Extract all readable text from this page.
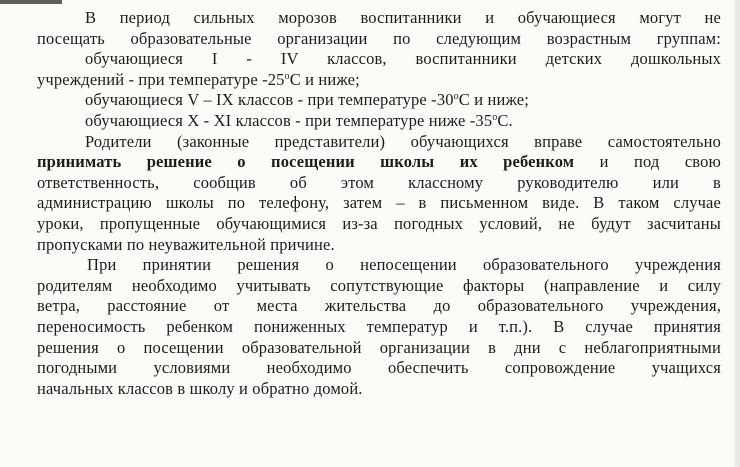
В период сильных морозов воспитанники и обучающиеся могут не
посещать образовательные организации по следующим возрастным группам:
обучающиеся I - IV классов, воспитанники детских дошкольных
учреждений - при температуре $-25^оС$ и ниже;
обучающиеся V – IX классов - при температуре $-30^оС$ и ниже;
обучающиеся X - XI классов - при температуре ниже $-35^оС$.
Родители (законные представители) обучающихся вправе самостоятельно
принимать решение о посещении школы их ребенком и под свою
ответственность, сообщив об этом классному руководителю или в
администрацию школы по телефону, затем – в письменном виде. В таком случае
уроки, пропущенные обучающимися из-за погодных условий, не будут засчитаны
пропусками по неуважительной причине.
При принятии решения о непосещении образовательного учреждения
родителям необходимо учитывать сопутствующие факторы (направление и силу
ветра, расстояние от места жительства до образовательного учреждения,
переносимость ребенком пониженных температур и т.п.). В случае принятия
решения о посещении образовательной организации в дни с неблагоприятными
погодными условиями необходимо обеспечить сопровождение учащихся
начальных классов в школу и обратно домой.
